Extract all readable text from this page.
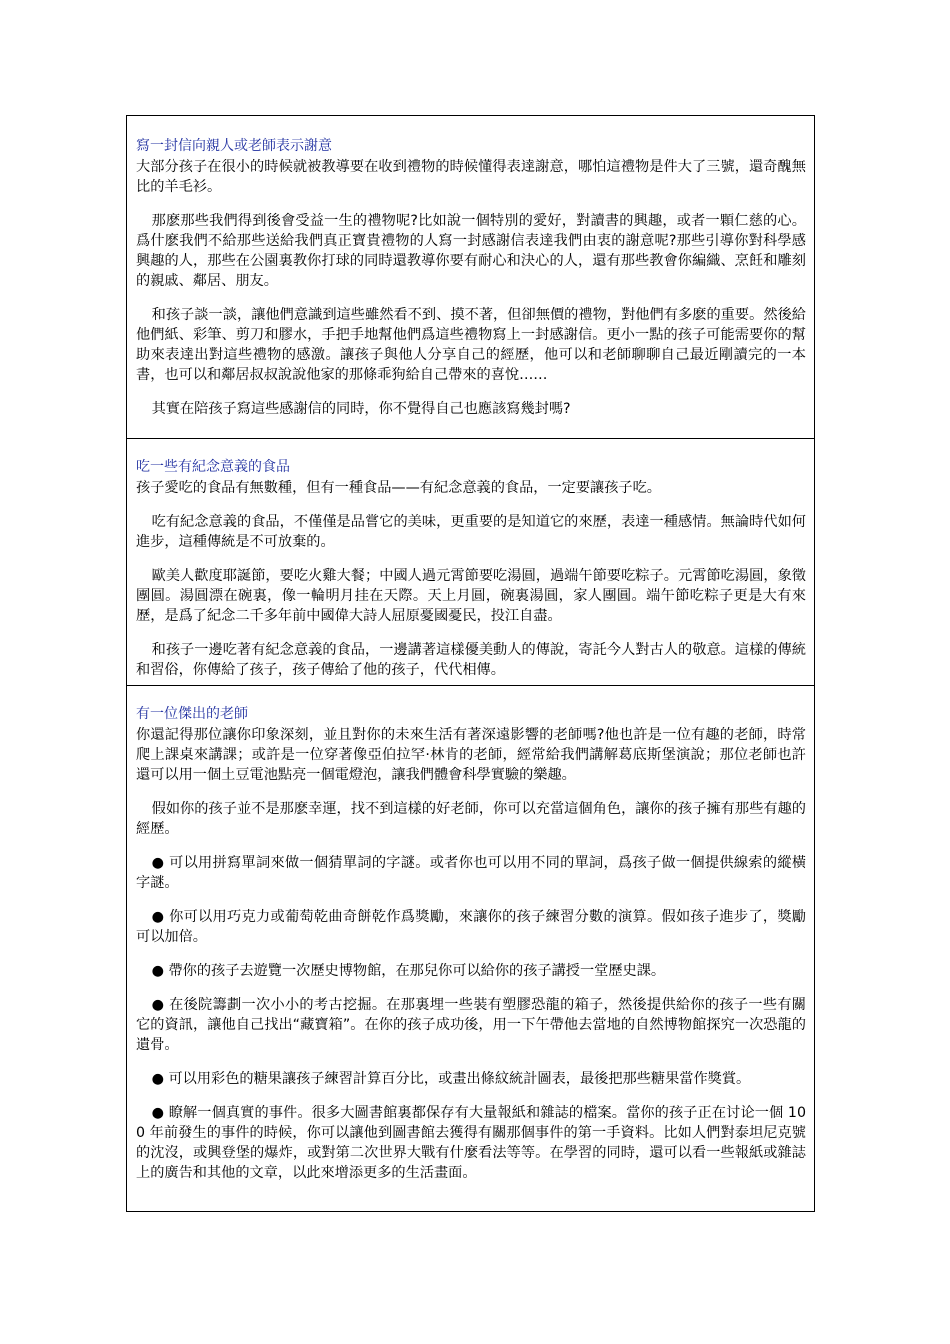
寫一封信向親人或老師表示謝意

大部分孩子在很小的時候就被教導要在收到禮物的時候懂得表達謝意，哪怕這禮物是件大了三號，還奇醜無比的羊毛衫。

那麽那些我們得到後會受益一生的禮物呢?比如說一個特別的愛好，對讀書的興趣，或者一顆仁慈的心。爲什麽我們不給那些送給我們真正寶貴禮物的人寫一封感謝信表達我們由衷的謝意呢?那些引導你對科學感興趣的人，那些在公園裏教你打球的同時還教導你要有耐心和決心的人，還有那些教會你編織、烹飪和雕刻的親戚、鄰居、朋友。

和孩子談一談，讓他們意識到這些雖然看不到、摸不著，但卻無價的禮物，對他們有多麽的重要。然後給他們紙、彩筆、剪刀和膠水，手把手地幫他們爲這些禮物寫上一封感謝信。更小一點的孩子可能需要你的幫助來表達出對這些禮物的感激。讓孩子與他人分享自己的經歷，他可以和老師聊聊自己最近剛讀完的一本書，也可以和鄰居叔叔說說他家的那條乖狗給自己帶來的喜悅……

其實在陪孩子寫這些感謝信的同時，你不覺得自己也應該寫幾封嗎?

吃一些有紀念意義的食品

孩子愛吃的食品有無數種，但有一種食品——有紀念意義的食品，一定要讓孩子吃。

吃有紀念意義的食品，不僅僅是品嘗它的美味，更重要的是知道它的來歷，表達一種感情。無論時代如何進步，這種傳統是不可放棄的。

歐美人歡度耶誕節，要吃火雞大餐；中國人過元霄節要吃湯圓，過端午節要吃粽子。元霄節吃湯圓，象徵團圓。湯圓漂在碗裏，像一輪明月挂在天際。天上月圓，碗裏湯圓，家人團圓。端午節吃粽子更是大有來歷，是爲了紀念二千多年前中國偉大詩人屈原憂國憂民，投江自盡。

和孩子一邊吃著有紀念意義的食品，一邊講著這樣優美動人的傳說，寄託今人對古人的敬意。這樣的傳統和習俗，你傳給了孩子，孩子傳給了他的孩子，代代相傳。

有一位傑出的老師

你還記得那位讓你印象深刻，並且對你的未來生活有著深遠影響的老師嗎?他也許是一位有趣的老師，時常爬上課桌來講課；或許是一位穿著像亞伯拉罕·林肯的老師，經常給我們講解葛底斯堡演說；那位老師也許還可以用一個土豆電池點亮一個電燈泡，讓我們體會科學實驗的樂趣。

假如你的孩子並不是那麽幸運，找不到這樣的好老師，你可以充當這個角色，讓你的孩子擁有那些有趣的經歷。

● 可以用拼寫單詞來做一個猜單詞的字謎。或者你也可以用不同的單詞，爲孩子做一個提供線索的縱橫字謎。

● 你可以用巧克力或葡萄乾曲奇餅乾作爲獎勵，來讓你的孩子練習分數的演算。假如孩子進步了，獎勵可以加倍。

● 帶你的孩子去遊覽一次歷史博物館，在那兒你可以給你的孩子講授一堂歷史課。

● 在後院籌劃一次小小的考古挖掘。在那裏埋一些裝有塑膠恐龍的箱子，然後提供給你的孩子一些有關它的資訊，讓他自己找出“藏寶箱”。在你的孩子成功後，用一下午帶他去當地的自然博物館探究一次恐龍的遺骨。

● 可以用彩色的糖果讓孩子練習計算百分比，或畫出條紋統計圖表，最後把那些糖果當作獎賞。

● 瞭解一個真實的事件。很多大圖書館裏都保存有大量報紙和雜誌的檔案。當你的孩子正在讨论一個 100 年前發生的事件的時候，你可以讓他到圖書館去獲得有關那個事件的第一手資料。比如人們對泰坦尼克號的沈沒，或興登堡的爆炸，或對第二次世界大戰有什麼看法等等。在學習的同時，還可以看一些報紙或雜誌上的廣告和其他的文章，以此來增添更多的生活畫面。
